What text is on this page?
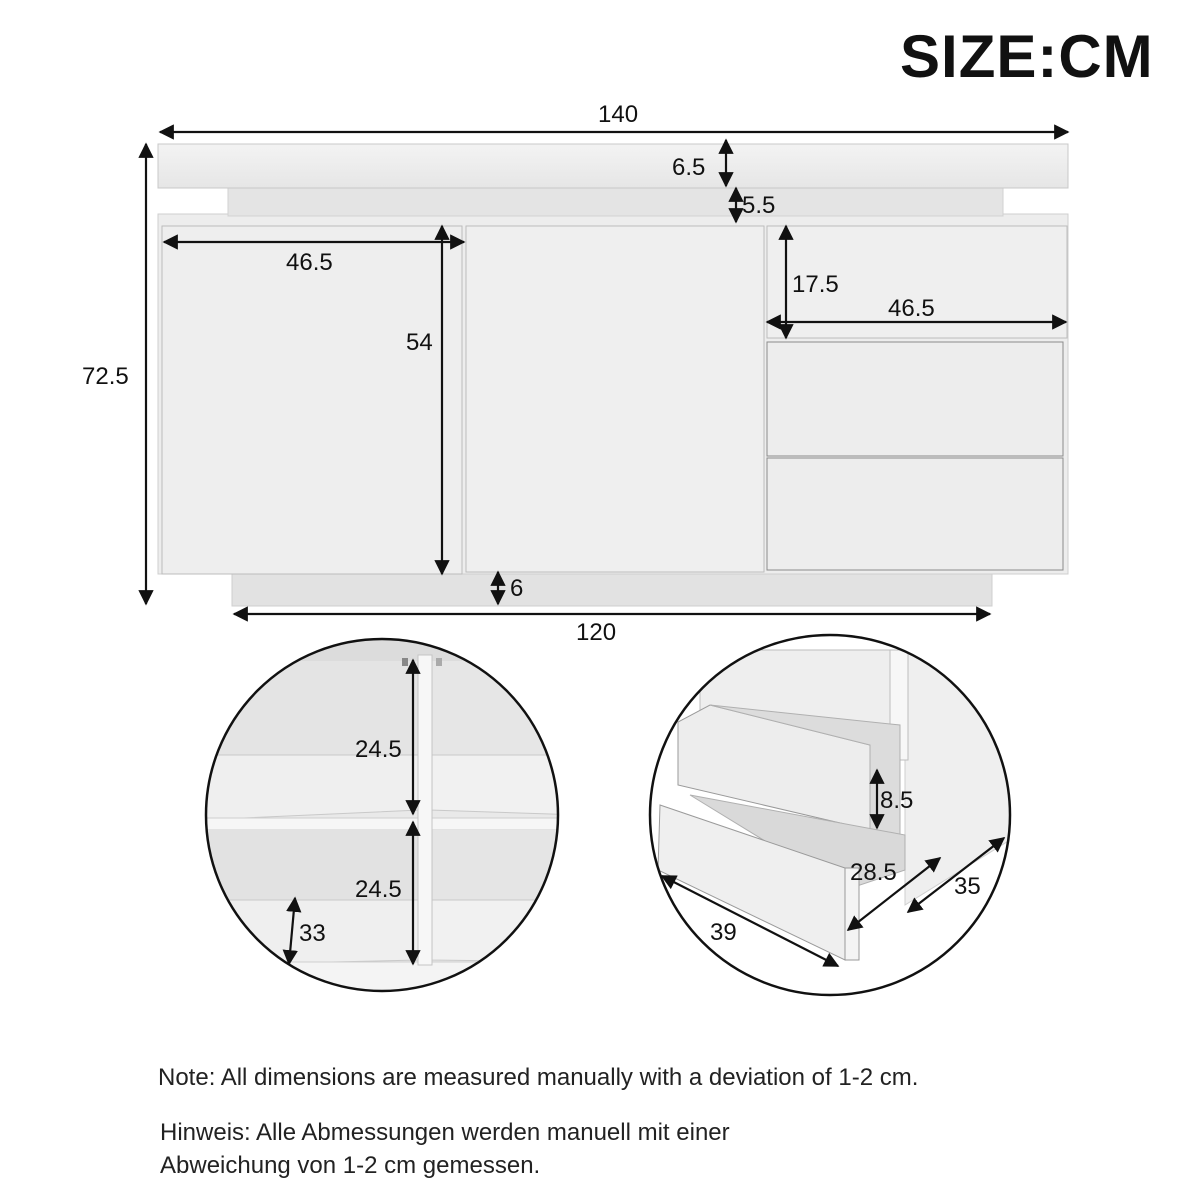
SIZE:CM
140
6.5
5.5
46.5
54
72.5
17.5
46.5
6
120
24.5
24.5
33
8.5
28.5
39
35
Note: All dimensions are measured manually with a deviation of 1-2 cm.
Hinweis: Alle Abmessungen werden manuell mit einer
Abweichung von 1-2 cm gemessen.
